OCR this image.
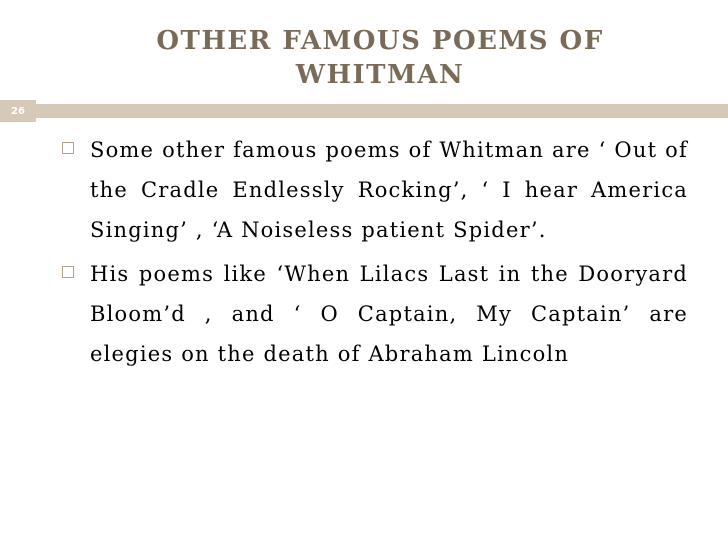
OTHER FAMOUS POEMS OF
WHITMAN
26
Some other famous poems of Whitman are ‘ Out of the Cradle Endlessly Rocking’, ‘ I hear America Singing’ , ‘A Noiseless patient Spider’.
His poems like ‘When Lilacs Last in the Dooryard Bloom’d , and ‘ O Captain, My Captain’ are elegies on the death of Abraham Lincoln
